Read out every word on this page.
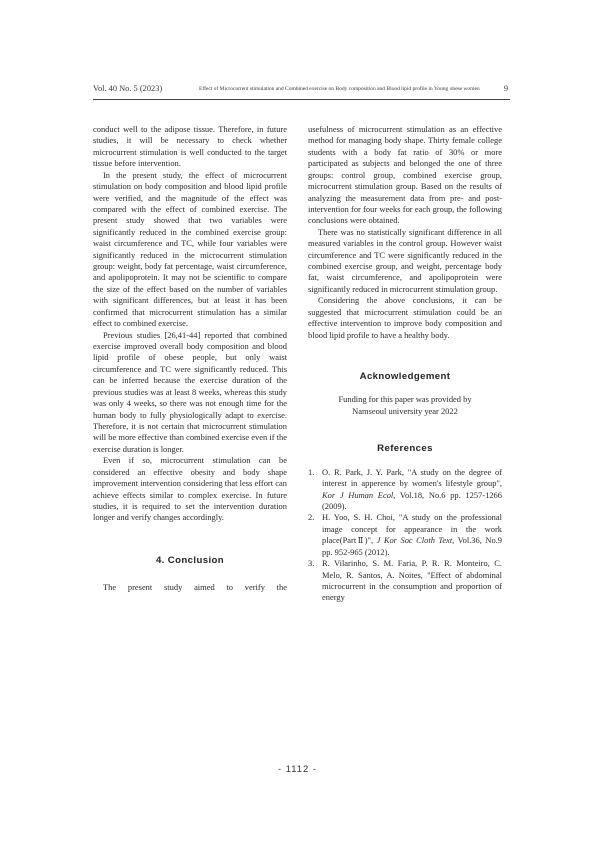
Vol. 40 No. 5 (2023)	Effect of Microcurrent stimulation and Combined exercise on Body composition and Blood lipid profile in Young obese women	9

conduct well to the adipose tissue. Therefore, in future studies, it will be necessary to check whether microcurrent stimulation is well conducted to the target tissue before intervention.

In the present study, the effect of microcurrent stimulation on body composition and blood lipid profile were verified, and the magnitude of the effect was compared with the effect of combined exercise. The present study showed that two variables were significantly reduced in the combined exercise group: waist circumference and TC, while four variables were significantly reduced in the microcurrent stimulation group: weight, body fat percentage, waist circumference, and apolipoprotein. It may not be scientific to compare the size of the effect based on the number of variables with significant differences, but at least it has been confirmed that microcurrent stimulation has a similar effect to combined exercise.

Previous studies [26,41-44] reported that combined exercise improved overall body composition and blood lipid profile of obese people, but only waist circumference and TC were significantly reduced. This can be inferred because the exercise duration of the previous studies was at least 8 weeks, whereas this study was only 4 weeks, so there was not enough time for the human body to fully physiologically adapt to exercise. Therefore, it is not certain that microcurrent stimulation will be more effective than combined exercise even if the exercise duration is longer.

Even if so, microcurrent stimulation can be considered an effective obesity and body shape improvement intervention considering that less effort can achieve effects similar to complex exercise. In future studies, it is required to set the intervention duration longer and verify changes accordingly.

4. Conclusion

The present study aimed to verify the

usefulness of microcurrent stimulation as an effective method for managing body shape. Thirty female college students with a body fat ratio of 30% or more participated as subjects and belonged the one of three groups: control group, combined exercise group, microcurrent stimulation group. Based on the results of analyzing the measurement data from pre- and post-intervention for four weeks for each group, the following conclusions were obtained.

There was no statistically significant difference in all measured variables in the control group. However waist circumference and TC were significantly reduced in the combined exercise group, and weight, percentage body fat, waist circumference, and apolipoprotein were significantly reduced in microcurrent stimulation group.

Considering the above conclusions, it can be suggested that microcurrent stimulation could be an effective intervention to improve body composition and blood lipid profile to have a healthy body.

Acknowledgement
Funding for this paper was provided by Namseoul university year 2022
References
1. O. R. Park, J. Y. Park, "A study on the degree of interest in apperence by women's lifestyle group", Kor J Human Ecol, Vol.18, No.6 pp. 1257-1266 (2009).
2. H. Yoo, S. H. Choi, "A study on the professional image concept for appearance in the work place(PartⅡ)", J Kor Soc Cloth Text, Vol.36, No.9 pp. 952-965 (2012).
3. R. Vilarinho, S. M. Faria, P. R. R. Monteiro, C. Melo, R. Santos, A. Noites, "Effect of abdominal microcurrent in the consumption and proportion of energy
- 1112 -
